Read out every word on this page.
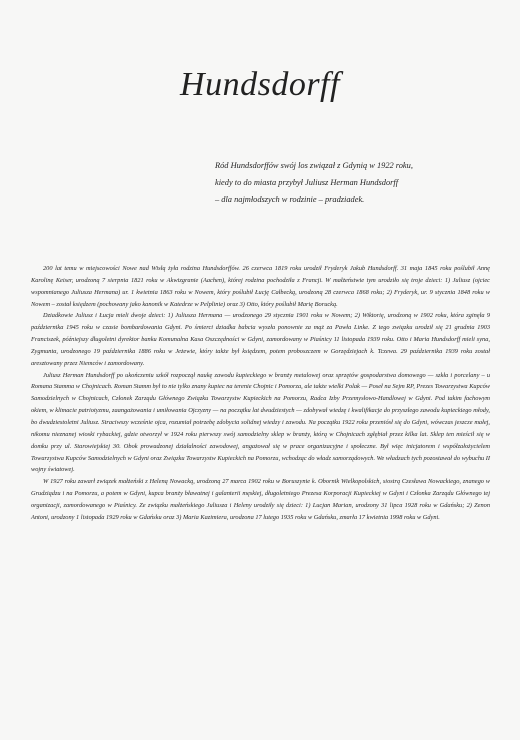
Hundsdorff
Ród Hundsdorffów swój los związał z Gdynią w 1922 roku,
kiedy to do miasta przybył Juliusz Herman Hundsdorff
– dla najmłodszych w rodzinie – pradziadek.

200 lat temu w miejscowości Nowe nad Wisłą żyła rodzina Hundsdorffów. 26 czerwca 1819 roku urodził Fryderyk Jakub Hundsdorff. 31 maja 1845 roku poślubił Annę Karolinę Keiser, urodzoną 7 sierpnia 1821 roku w Akwizgranie (Aachen), której rodzina pochodziła z Francji. W małżeństwie tym urodziło się troje dzieci: 1) Juliusz (ojciec wspomnianego Juliusza Hermana) ur. 1 kwietnia 1863 roku w Nowem, który poślubił Łucję Całbecką, urodzoną 28 czerwca 1868 roku; 2) Fryderyk, ur. 9 stycznia 1848 roku w Nowem – został księdzem (pochowany jako kanonik w Katedrze w Pelplinie) oraz 3) Otto, który poślubił Marię Borucką.

Dziadkowie Juliusz i Łucja mieli dwoje dzieci: 1) Juliusza Hermana — urodzonego 29 stycznia 1901 roku w Nowem; 2) Wiktorię, urodzoną w 1902 roku, która zginęła 9 października 1945 roku w czasie bombardowania Gdyni. Po śmierci dziadka babcia wyszła ponownie za mąż za Pawła Linke. Z tego związku urodził się 21 grudnia 1903 Franciszek, późniejszy długoletni dyrektor banku Komunalna Kasa Oszczędności w Gdyni, zamordowany w Piaśnicy 11 listopada 1939 roku. Otto i Maria Hundsdorff mieli syna, Zygmunta, urodzonego 19 października 1886 roku w Jeżewie, który także był księdzem, potem proboszczem w Gorzędziejach k. Tczewa. 29 października 1939 roku został aresztowany przez Niemców i zamordowany.

Juliusz Herman Hundsdorff po ukończeniu szkół rozpoczął naukę zawodu kupieckiego w branży metalowej oraz sprzętów gospodarstwa domowego — szkła i porcelany – u Romana Stamma w Chojnicach. Roman Stamm był to nie tylko znany kupiec na terenie Chojnic i Pomorza, ale także wielki Polak — Poseł na Sejm RP, Prezes Towarzystwa Kupców Samodzielnych w Chojnicach, Członek Zarządu Głównego Związku Towarzystw Kupieckich na Pomorzu, Radca Izby Przemysłowo-Handlowej w Gdyni. Pod takim fachowym okiem, w klimacie patriotyzmu, zaangażowania i umiłowania Ojczyzny — na początku lat dwudziestych — zdobywał wiedzę i kwalifikacje do przyszłego zawodu kupieckiego młody, bo dwudziestoletni Juliusz. Straciwszy wcześnie ojca, rozumiał potrzebę zdobycia solidnej wiedzy i zawodu. Na początku 1922 roku przeniósł się do Gdyni, wówczas jeszcze małej, nikomu nieznanej wioski rybackiej, gdzie otworzył w 1924 roku pierwszy swój samodzielny sklep w branży, którą w Chojnicach zgłębiał przez kilka lat. Sklep ten mieścił się w domku przy ul. Starowiejskiej 30. Obok prowadzonej działalności zawodowej, angażował się w prace organizacyjne i społeczne. Był więc inicjatorem i współzałożycielem Towarzystwa Kupców Samodzielnych w Gdyni oraz Związku Towarzystw Kupieckich na Pomorzu, wchodząc do władz samorządowych. We władzach tych pozostawał do wybuchu II wojny światowej.

W 1927 roku zawarł związek małżeński z Heleną Nowacką, urodzoną 27 marca 1902 roku w Boruszynie k. Obornik Wielkopolskich, siostrą Czesława Nowackiego, znanego w Grudziądzu i na Pomorzu, a potem w Gdyni, kupca branży bławatnej i galanterii męskiej, długoletniego Prezesa Korporacji Kupieckiej w Gdyni i Członka Zarządu Głównego tej organizacji, zamordowanego w Piaśnicy. Ze związku małżeńskiego Juliusza i Heleny urodziły się dzieci: 1) Lucjan Marian, urodzony 31 lipca 1928 roku w Gdańsku; 2) Zenon Antoni, urodzony 1 listopada 1929 roku w Gdańsku oraz 3) Maria Kazimiera, urodzona 17 lutego 1935 roku w Gdańsku, zmarła 17 kwietnia 1998 roku w Gdyni.
